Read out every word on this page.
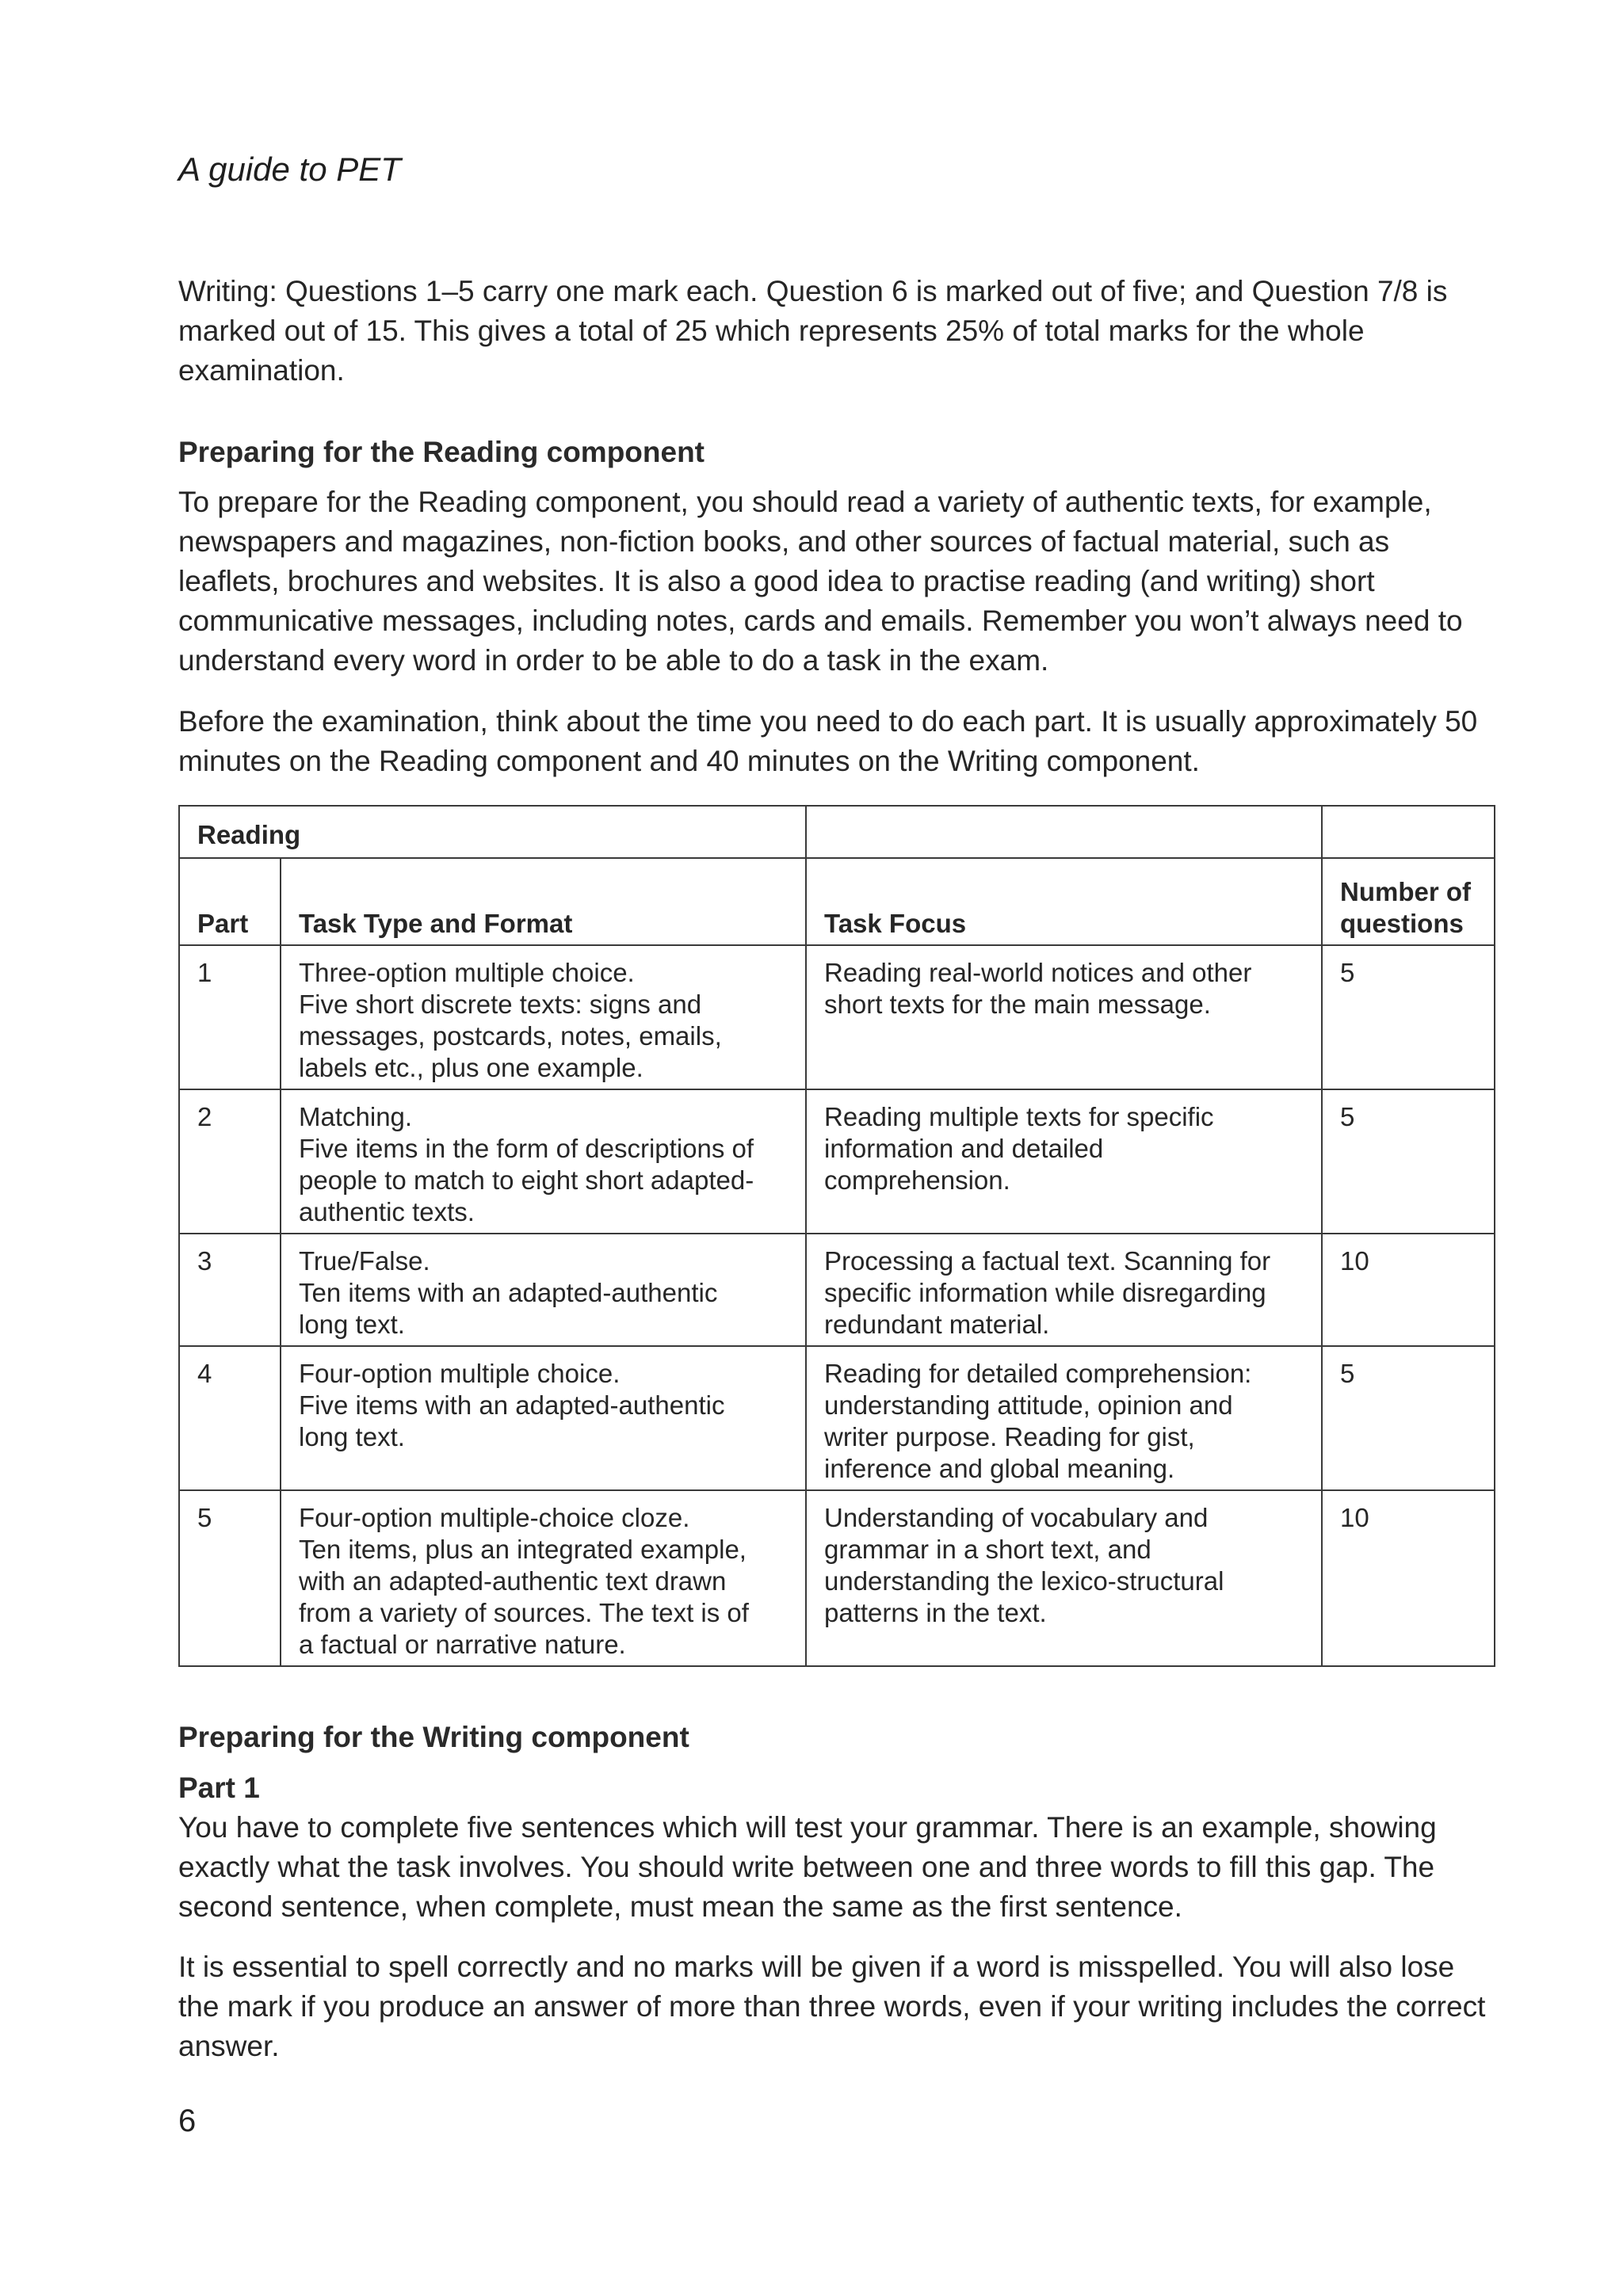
A guide to PET

Writing: Questions 1–5 carry one mark each. Question 6 is marked out of five; and Question 7/8 is marked out of 15. This gives a total of 25 which represents 25% of total marks for the whole examination.

Preparing for the Reading component

To prepare for the Reading component, you should read a variety of authentic texts, for example, newspapers and magazines, non-fiction books, and other sources of factual material, such as leaflets, brochures and websites. It is also a good idea to practise reading (and writing) short communicative messages, including notes, cards and emails. Remember you won’t always need to understand every word in order to be able to do a task in the exam.

Before the examination, think about the time you need to do each part. It is usually approximately 50 minutes on the Reading component and 40 minutes on the Writing component.

Reading			
Part	Task Type and Format	Task Focus	Number of
questions

1	Three-option multiple choice.
Five short discrete texts: signs and
messages, postcards, notes, emails,
labels etc., plus one example.	Reading real-world notices and other
short texts for the main message.	5
2	Matching.
Five items in the form of descriptions of
people to match to eight short adapted-
authentic texts.	Reading multiple texts for specific
information and detailed
comprehension.	5
3	True/False.
Ten items with an adapted-authentic
long text.	Processing a factual text. Scanning for
specific information while disregarding
redundant material.	10
4	Four-option multiple choice.
Five items with an adapted-authentic
long text.	Reading for detailed comprehension:
understanding attitude, opinion and
writer purpose. Reading for gist,
inference and global meaning.	5
5	Four-option multiple-choice cloze.
Ten items, plus an integrated example,
with an adapted-authentic text drawn
from a variety of sources. The text is of
a factual or narrative nature.	Understanding of vocabulary and
grammar in a short text, and
understanding the lexico-structural
patterns in the text.	10
Preparing for the Writing component
Part 1

You have to complete five sentences which will test your grammar. There is an example, showing exactly what the task involves. You should write between one and three words to fill this gap. The second sentence, when complete, must mean the same as the first sentence.

It is essential to spell correctly and no marks will be given if a word is misspelled. You will also lose the mark if you produce an answer of more than three words, even if your writing includes the correct answer.

6
